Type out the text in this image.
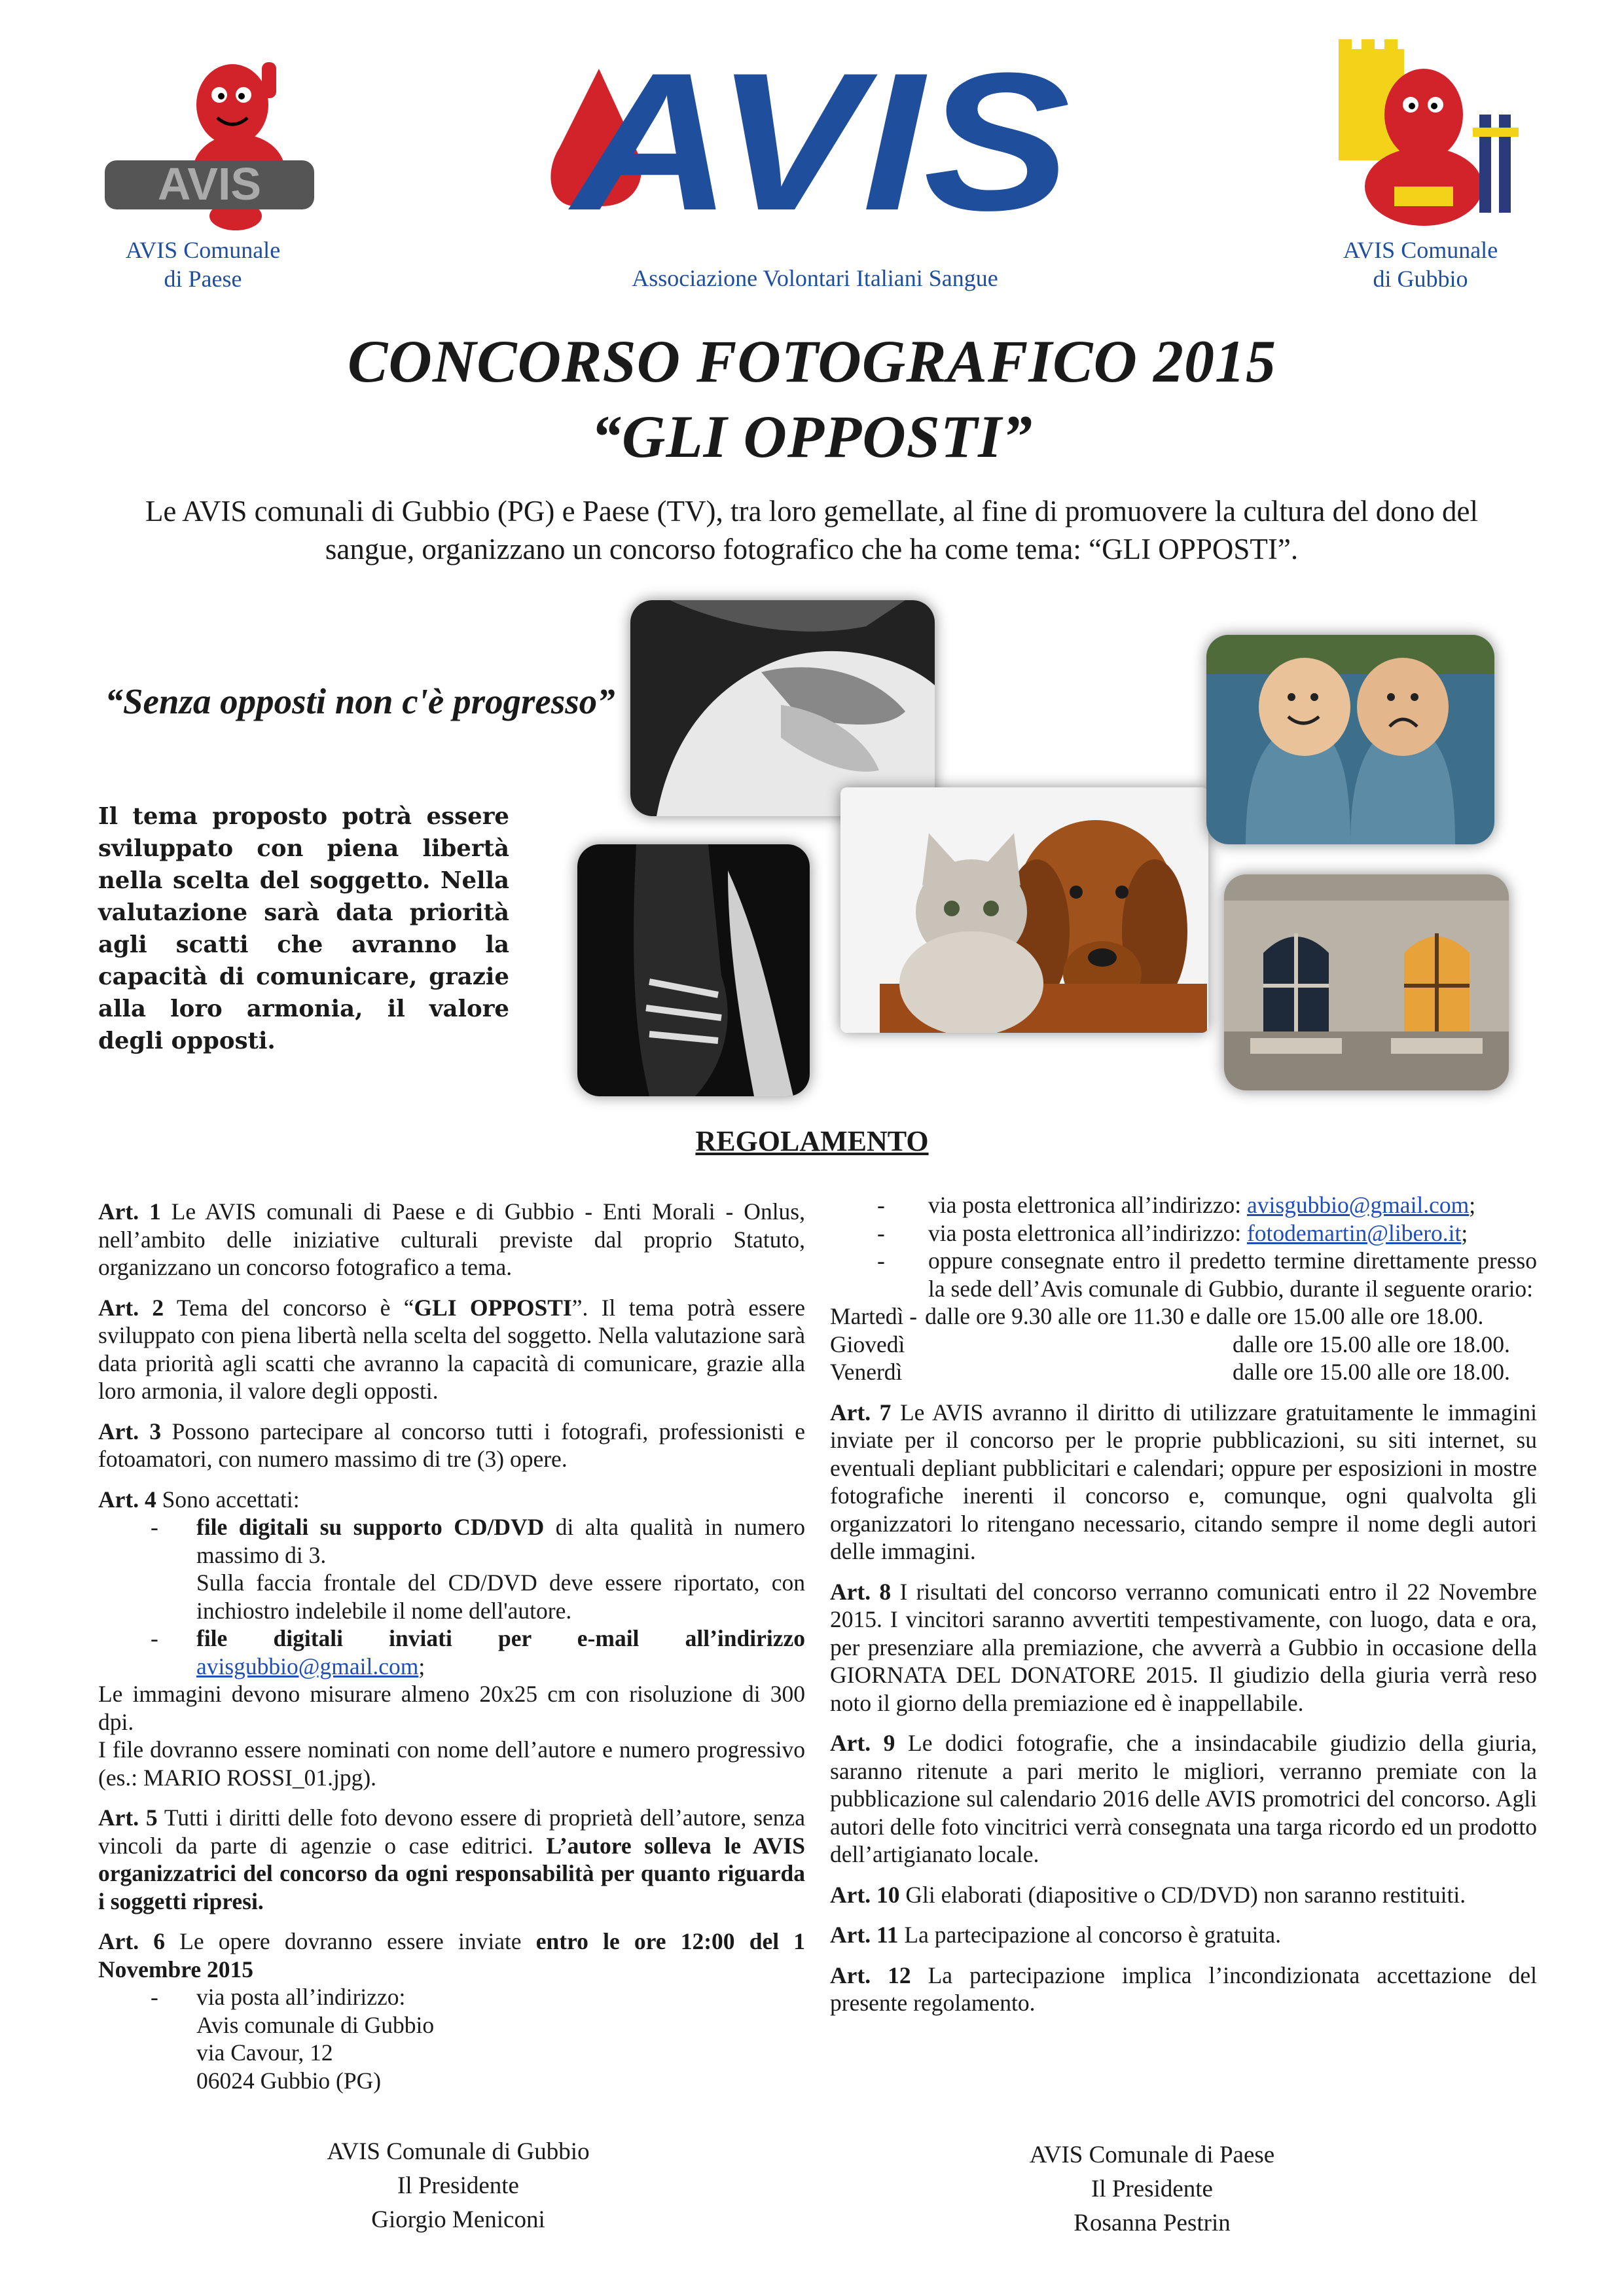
AVIS AVIS
AVIS Comunale
di Paese	Associazione Volontari Italiani Sangue
AVIS Comunale
di Gubbio
CONCORSO FOTOGRAFICO 2015
“GLI OPPOSTI”
Le AVIS comunali di Gubbio (PG) e Paese (TV), tra loro gemellate, al fine di promuovere la cultura del dono del sangue, organizzano un concorso fotografico che ha come tema: “GLI OPPOSTI”.
“Senza opposti non c'è progresso”
Il tema proposto potrà essere sviluppato con piena libertà nella scelta del soggetto. Nella valutazione sarà data priorità agli scatti che avranno la capacità di comunicare, grazie alla loro armonia, il valore degli opposti.
REGOLAMENTO

Art. 1 Le AVIS comunali di Paese e di Gubbio - Enti Morali - Onlus, nell’ambito delle iniziative culturali previste dal proprio Statuto, organizzano un concorso fotografico a tema.

Art. 2 Tema del concorso è “GLI OPPOSTI”. Il tema potrà essere sviluppato con piena libertà nella scelta del soggetto. Nella valutazione sarà data priorità agli scatti che avranno la capacità di comunicare, grazie alla loro armonia, il valore degli opposti.

Art. 3 Possono partecipare al concorso tutti i fotografi, professionisti e fotoamatori, con numero massimo di tre (3) opere.

Art. 4 Sono accettati:
- file digitali su supporto CD/DVD di alta qualità in numero massimo di 3.
Sulla faccia frontale del CD/DVD deve essere riportato, con inchiostro indelebile il nome dell'autore.
- file digitali inviati per e-mail all’indirizzo
avisgubbio@gmail.com;
Le immagini devono misurare almeno 20x25 cm con risoluzione di 300 dpi.
I file dovranno essere nominati con nome dell’autore e numero progressivo (es.: MARIO ROSSI_01.jpg).

Art. 5 Tutti i diritti delle foto devono essere di proprietà dell’autore, senza vincoli da parte di agenzie o case editrici. L’autore solleva le AVIS organizzatrici del concorso da ogni responsabilità per quanto riguarda i soggetti ripresi.

Art. 6 Le opere dovranno essere inviate entro le ore 12:00 del 1 Novembre 2015
- via posta all’indirizzo:
Avis comunale di Gubbio
via Cavour, 12
06024 Gubbio (PG)
- via posta elettronica all’indirizzo: avisgubbio@gmail.com;
- via posta elettronica all’indirizzo: fotodemartin@libero.it;
- oppure consegnate entro il predetto termine direttamente presso la sede dell’Avis comunale di Gubbio, durante il seguente orario:
Martedì - dalle ore 9.30 alle ore 11.30 e dalle ore 15.00 alle ore 18.00.
Giovedì	dalle ore 15.00 alle ore 18.00.
Venerdì	dalle ore 15.00 alle ore 18.00.

Art. 7 Le AVIS avranno il diritto di utilizzare gratuitamente le immagini inviate per il concorso per le proprie pubblicazioni, su siti internet, su eventuali depliant pubblicitari e calendari; oppure per esposizioni in mostre fotografiche inerenti il concorso e, comunque, ogni qualvolta gli organizzatori lo ritengano necessario, citando sempre il nome degli autori delle immagini.

Art. 8 I risultati del concorso verranno comunicati entro il 22 Novembre 2015. I vincitori saranno avvertiti tempestivamente, con luogo, data e ora, per presenziare alla premiazione, che avverrà a Gubbio in occasione della GIORNATA DEL DONATORE 2015. Il giudizio della giuria verrà reso noto il giorno della premiazione ed è inappellabile.

Art. 9 Le dodici fotografie, che a insindacabile giudizio della giuria, saranno ritenute a pari merito le migliori, verranno premiate con la pubblicazione sul calendario 2016 delle AVIS promotrici del concorso. Agli autori delle foto vincitrici verrà consegnata una targa ricordo ed un prodotto dell’artigianato locale.

Art. 10 Gli elaborati (diapositive o CD/DVD) non saranno restituiti.

Art. 11 La partecipazione al concorso è gratuita.

Art. 12 La partecipazione implica l’incondizionata accettazione del presente regolamento.

AVIS Comunale di Gubbio
Il Presidente
Giorgio Meniconi
AVIS Comunale di Paese
Il Presidente
Rosanna Pestrin
